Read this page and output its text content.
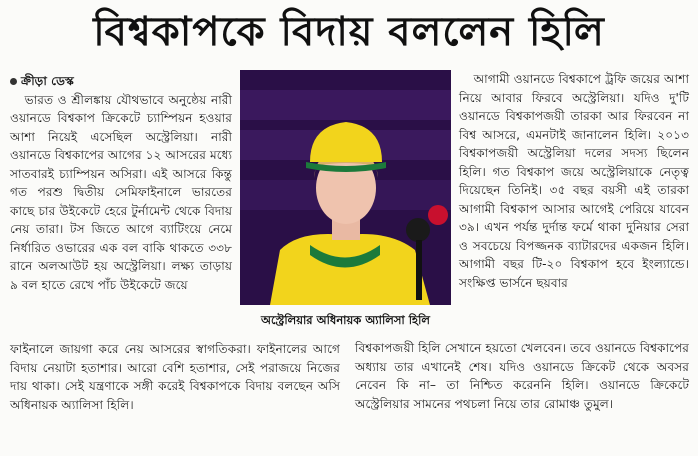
বিশ্বকাপকে বিদায় বললেন হিলি
ক্রীড়া ডেস্ক

ভারত ও শ্রীলঙ্কায় যৌথভাবে অনুষ্ঠেয় নারী ওয়ানডে বিশ্বকাপ ক্রিকেটে চ্যাম্পিয়ন হওয়ার আশা নিয়েই এসেছিল অস্ট্রেলিয়া। নারী ওয়ানডে বিশ্বকাপের আগের ১২ আসরের মধ্যে সাতবারই চ্যাম্পিয়ন অসিরা। এই আসরে কিন্তু গত পরশু দ্বিতীয় সেমিফাইনালে ভারতের কাছে চার উইকেটে হেরে টুর্নামেন্ট থেকে বিদায় নেয় তারা। টস জিতে আগে ব্যাটিংয়ে নেমে নির্ধারিত ওভারের এক বল বাকি থাকতে ৩৩৮ রানে অলআউট হয় অস্ট্রেলিয়া। লক্ষ্য তাড়ায় ৯ বল হাতে রেখে পাঁচ উইকেটে জয়ে

অস্ট্রেলিয়ার অধিনায়ক অ্যালিসা হিলি

ফাইনালে জায়গা করে নেয় আসরের স্বাগতিকরা। ফাইনালের আগে বিদায় নেয়াটা হতাশার। আরো বেশি হতাশার, সেই পরাজয়ে নিজের দায় থাকা। সেই যন্ত্রণাকে সঙ্গী করেই বিশ্বকাপকে বিদায় বলছেন অসি অধিনায়ক অ্যালিসা হিলি।

আগামী ওয়ানডে বিশ্বকাপে ট্রফি জয়ের আশা নিয়ে আবার ফিরবে অস্ট্রেলিয়া। যদিও দু'টি ওয়ানডে বিশ্বকাপজয়ী তারকা আর ফিরবেন না বিশ্ব আসরে, এমনটাই জানালেন হিলি। ২০১৩ বিশ্বকাপজয়ী অস্ট্রেলিয়া দলের সদস্য ছিলেন হিলি। গত বিশ্বকাপ জয়ে অস্ট্রেলিয়াকে নেতৃত্ব দিয়েছেন তিনিই। ৩৫ বছর বয়সী এই তারকা আগামী বিশ্বকাপ আসার আগেই পেরিয়ে যাবেন ৩৯। এখন পর্যন্ত দুর্দান্ত ফর্মে থাকা দুনিয়ার সেরা ও সবচেয়ে বিপজ্জনক ব্যাটারদের একজন হিলি। আগামী বছর টি-২০ বিশ্বকাপ হবে ইংল্যান্ডে। সংক্ষিপ্ত ভার্সনে ছয়বার

বিশ্বকাপজয়ী হিলি সেখানে হয়তো খেলবেন। তবে ওয়ানডে বিশ্বকাপের অধ্যায় তার এখানেই শেষ। যদিও ওয়ানডে ক্রিকেট থেকে অবসর নেবেন কি না– তা নিশ্চিত করেননি হিলি। ওয়ানডে ক্রিকেটে অস্ট্রেলিয়ার সামনের পথচলা নিয়ে তার রোমাঞ্চ তুমুল।
